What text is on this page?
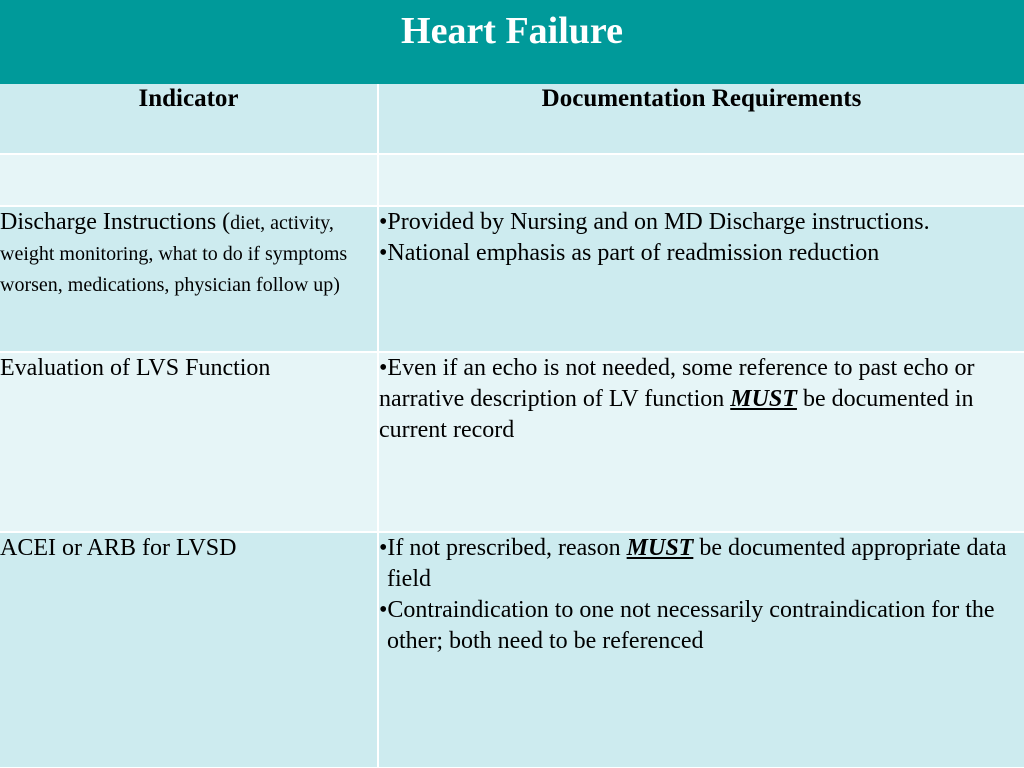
Heart Failure
Indicator	Documentation Requirements

Discharge Instructions (diet, activity, weight monitoring, what to do if symptoms worsen, medications, physician follow up)	•Provided by Nursing and on MD Discharge instructions.
•National emphasis as part of readmission reduction

Evaluation of LVS Function	•Even if an echo is not needed, some reference to past echo or narrative description of LV function MUST be documented in current record

ACEI or ARB for LVSD	•If not prescribed, reason MUST be documented appropriate data field
•Contraindication to one not necessarily contraindication for the other; both need to be referenced
